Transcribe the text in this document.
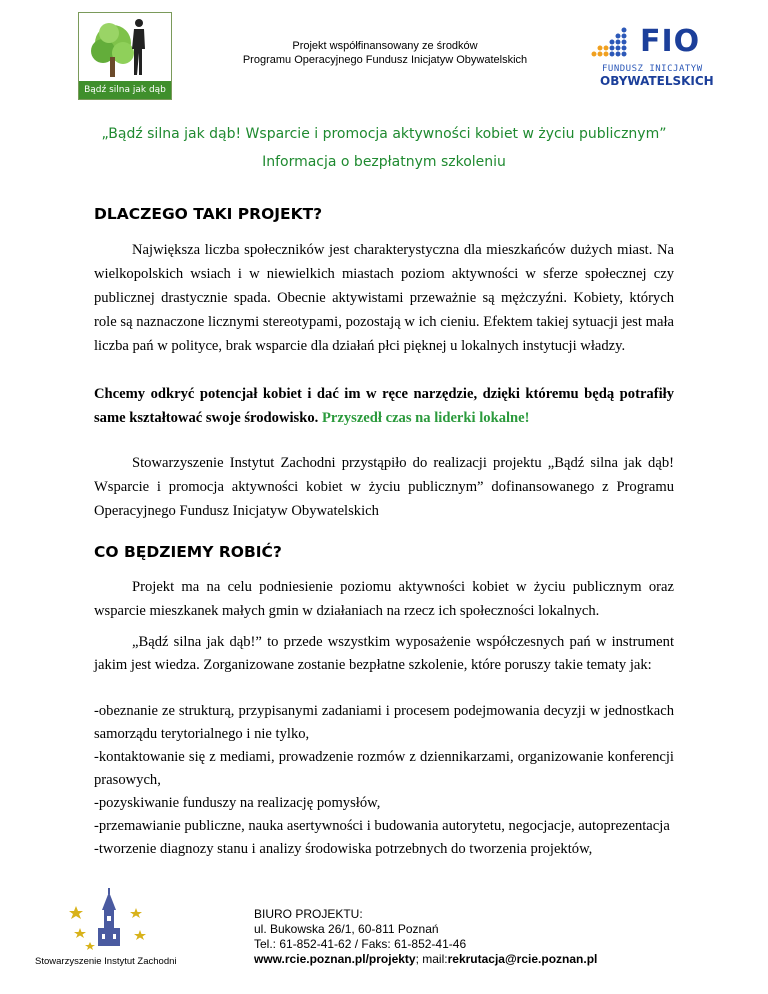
Bądź silna jak dąb
Projekt współfinansowany ze środków
Programu Operacyjnego Fundusz Inicjatyw Obywatelskich
FIO
FUNDUSZ INICJATYW
OBYWATELSKICH
„Bądź silna jak dąb! Wsparcie i promocja aktywności kobiet w życiu publicznym”
Informacja o bezpłatnym szkoleniu
DLACZEGO TAKI PROJEKT?
Największa liczba społeczników jest charakterystyczna dla mieszkańców dużych miast. Na wielkopolskich wsiach i w niewielkich miastach poziom aktywności w sferze społecznej czy publicznej drastycznie spada. Obecnie aktywistami przeważnie są mężczyźni. Kobiety, których role są naznaczone licznymi stereotypami, pozostają w ich cieniu. Efektem takiej sytuacji jest mała liczba pań w polityce, brak wsparcie dla działań płci pięknej u lokalnych instytucji władzy.
Chcemy odkryć potencjał kobiet i dać im w ręce narzędzie, dzięki któremu będą potrafiły same kształtować swoje środowisko. Przyszedł czas na liderki lokalne!
Stowarzyszenie Instytut Zachodni przystąpiło do realizacji projektu „Bądź silna jak dąb! Wsparcie i promocja aktywności kobiet w życiu publicznym” dofinansowanego z Programu Operacyjnego Fundusz Inicjatyw Obywatelskich
CO BĘDZIEMY ROBIĆ?
Projekt ma na celu podniesienie poziomu aktywności kobiet w życiu publicznym oraz wsparcie mieszkanek małych gmin w działaniach na rzecz ich społeczności lokalnych.
„Bądź silna jak dąb!” to przede wszystkim wyposażenie współczesnych pań w instrument jakim jest wiedza. Zorganizowane zostanie bezpłatne szkolenie, które poruszy takie tematy jak:
-obeznanie ze strukturą, przypisanymi zadaniami i procesem podejmowania decyzji w jednostkach samorządu terytorialnego i nie tylko,
-kontaktowanie się z mediami, prowadzenie rozmów z dziennikarzami, organizowanie konferencji prasowych,
-pozyskiwanie funduszy na realizację pomysłów,
-przemawianie publiczne, nauka asertywności i budowania autorytetu, negocjacje, autoprezentacja
-tworzenie diagnozy stanu i analizy środowiska potrzebnych do tworzenia projektów,
Stowarzyszenie Instytut Zachodni
BIURO PROJEKTU:
ul. Bukowska 26/1, 60-811 Poznań
Tel.: 61-852-41-62 / Faks: 61-852-41-46
www.rcie.poznan.pl/projekty; mail:rekrutacja@rcie.poznan.pl
